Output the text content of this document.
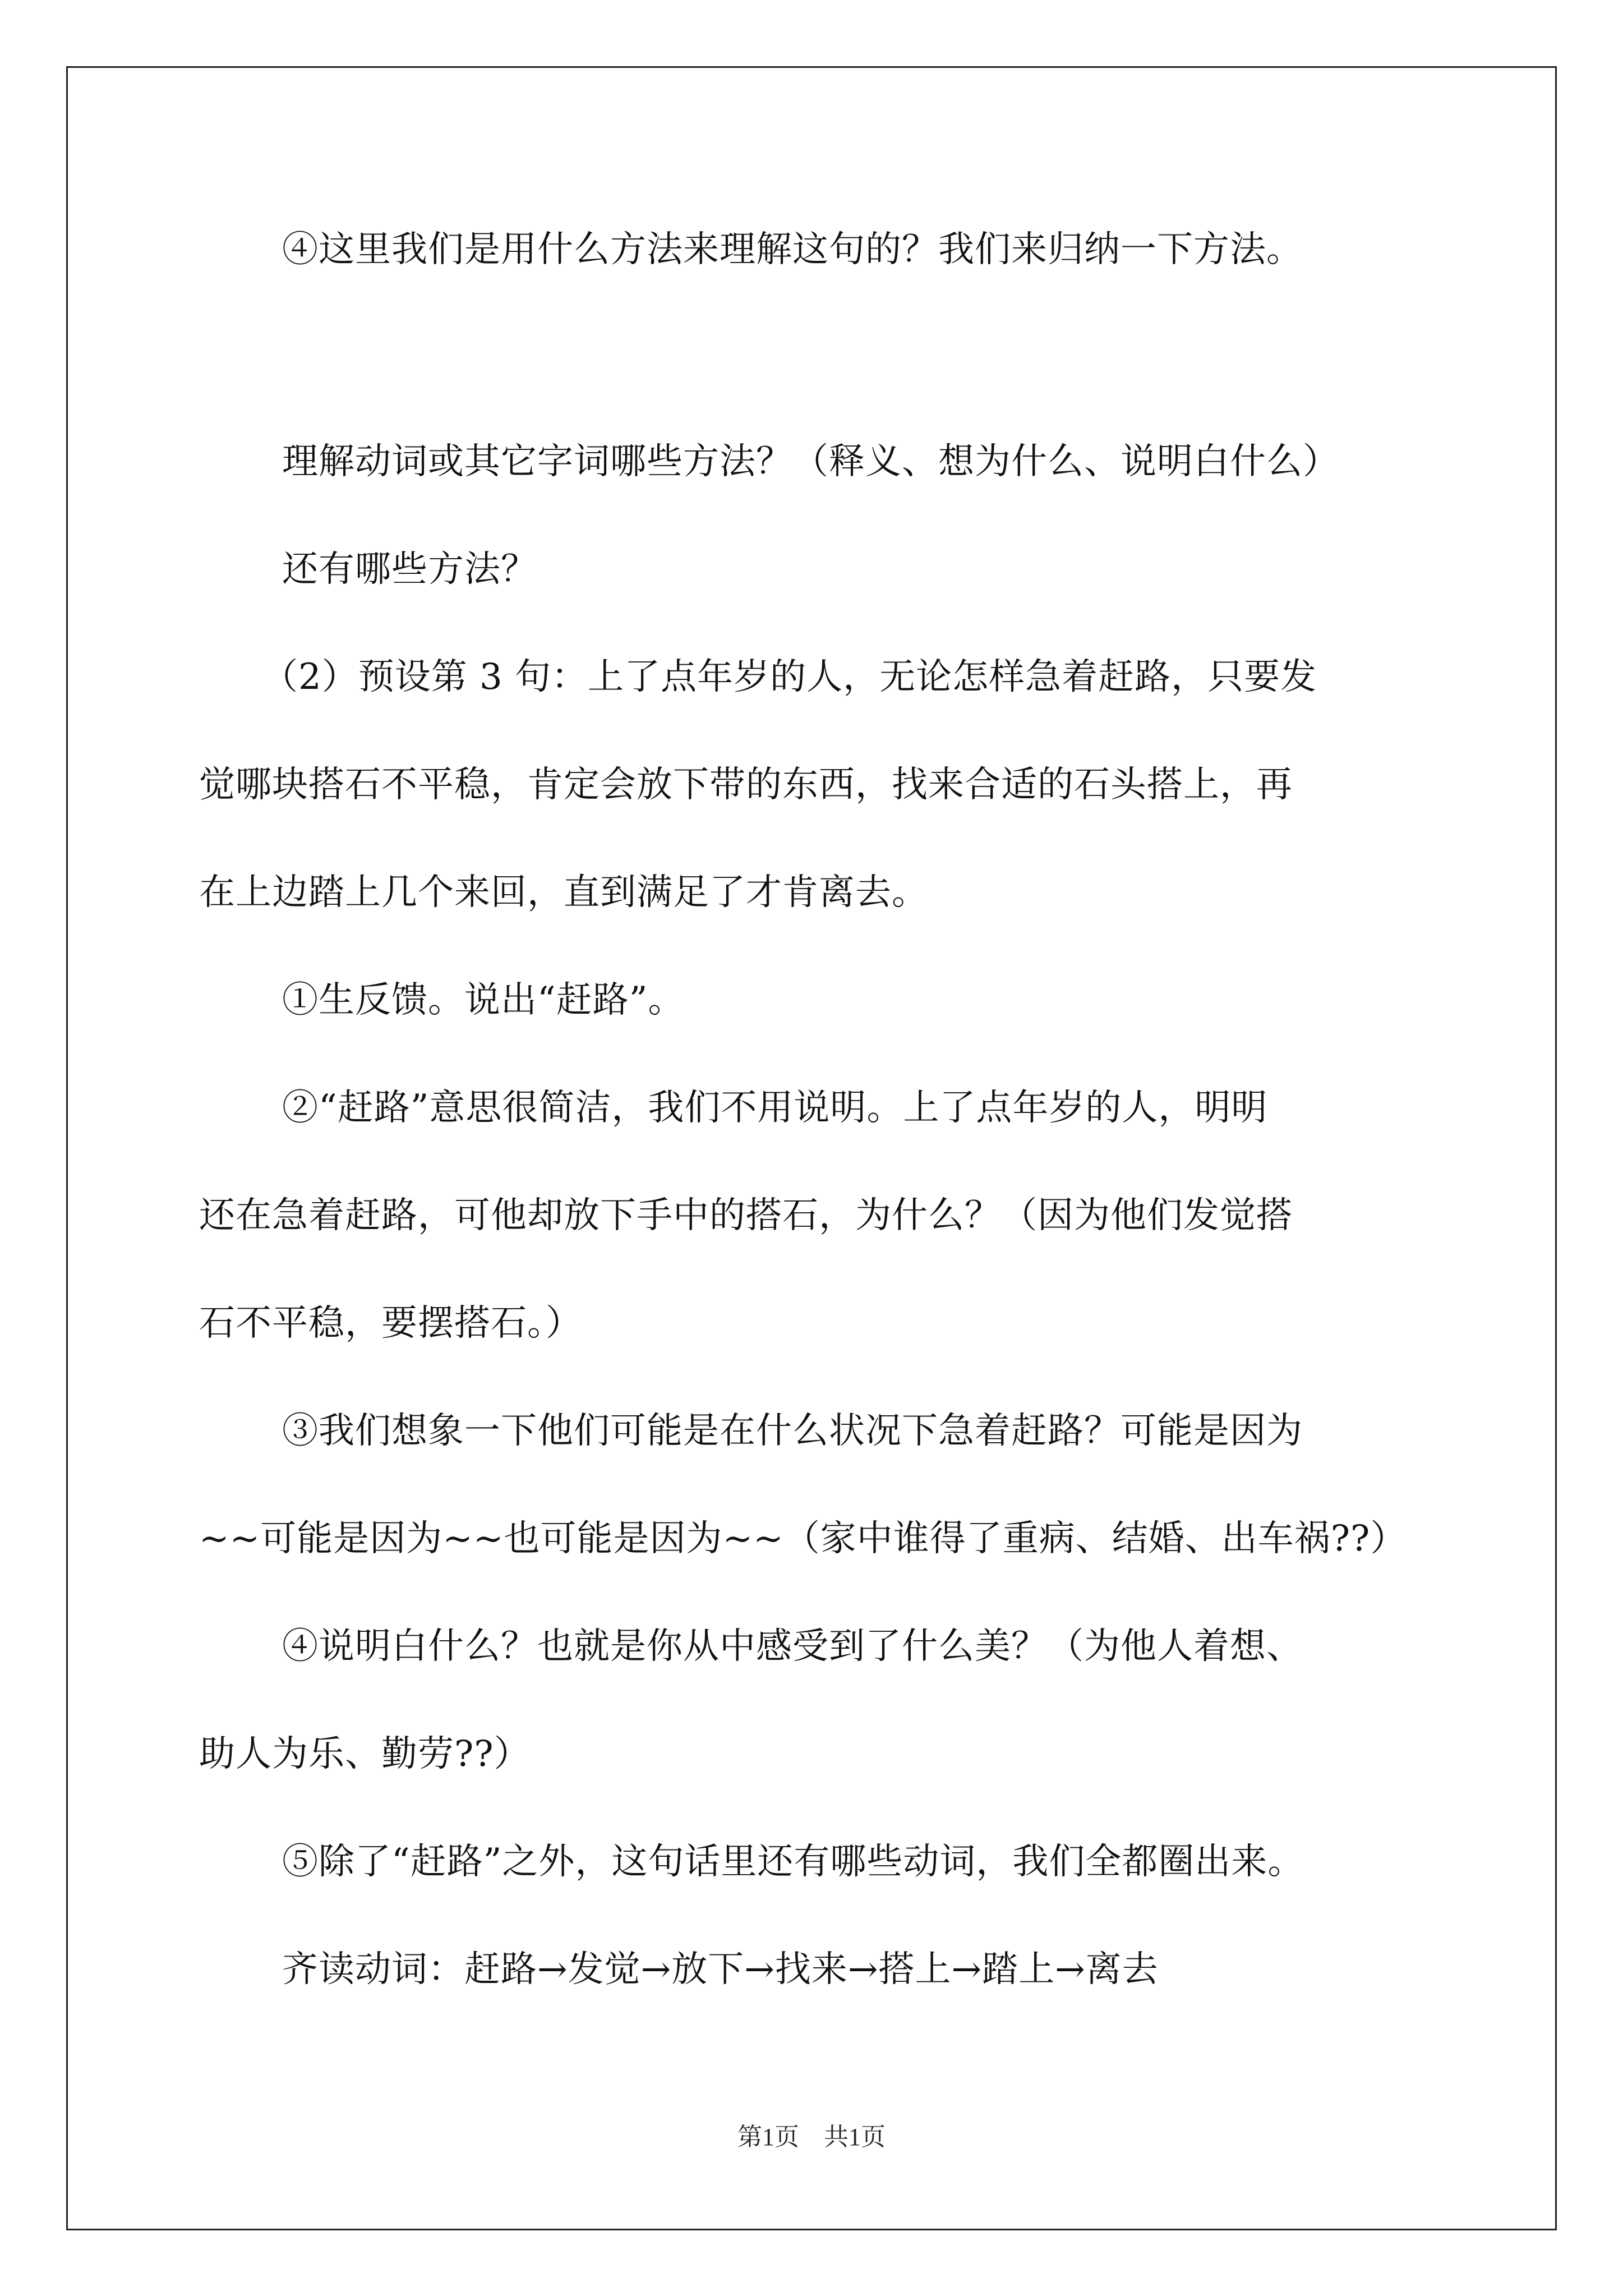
④这里我们是用什么方法来理解这句的？我们来归纳一下方法。
理解动词或其它字词哪些方法？（释义、想为什么、说明白什么）
还有哪些方法？
（2）预设第 3 句：上了点年岁的人，无论怎样急着赶路，只要发
觉哪块搭石不平稳，肯定会放下带的东西，找来合适的石头搭上，再
在上边踏上几个来回，直到满足了才肯离去。
①生反馈。说出“赶路”。
②“赶路”意思很简洁，我们不用说明。上了点年岁的人，明明
还在急着赶路，可他却放下手中的搭石，为什么？（因为他们发觉搭
石不平稳，要摆搭石。）
③我们想象一下他们可能是在什么状况下急着赶路？可能是因为
~~可能是因为~~也可能是因为~~（家中谁得了重病、结婚、出车祸??）
④说明白什么？也就是你从中感受到了什么美？（为他人着想、
助人为乐、勤劳??）
⑤除了“赶路”之外，这句话里还有哪些动词，我们全都圈出来。
齐读动词：赶路→发觉→放下→找来→搭上→踏上→离去
第1页　共1页
